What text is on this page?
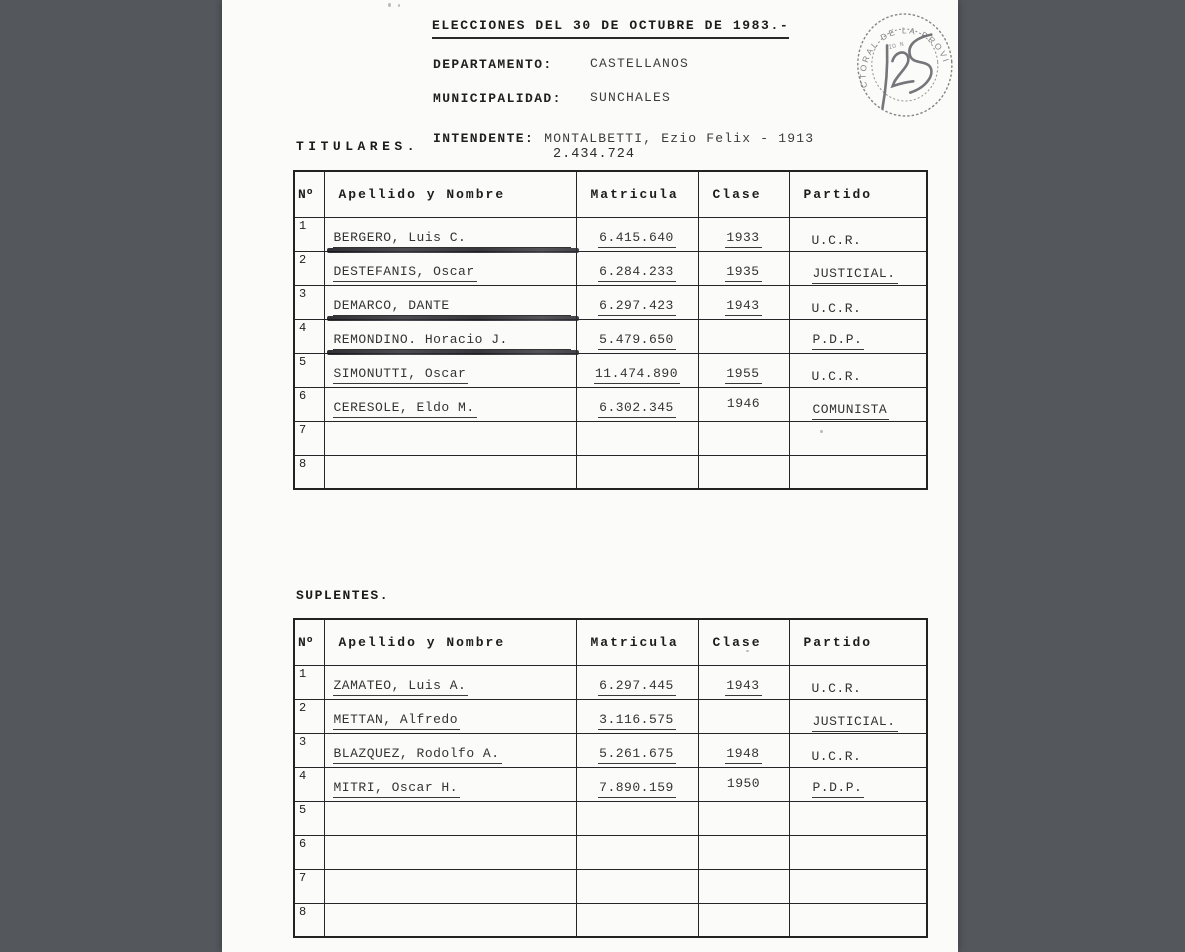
ELECCIONES DEL 30 DE OCTUBRE DE 1983.-
CTORAL DE LA PROVI
IO N
DEPARTAMENTO:	CASTELLANOS
MUNICIPALIDAD: SUNCHALES
INTENDENTE: MONTALBETTI, Ezio Felix - 1913
TITULARES.
2.434.724
Nº	Apellido y Nombre	Matricula	Clase	Partido
1	BERGERO, Luis C.	6.415.640	1933	U.C.R.
2	DESTEFANIS, Oscar	6.284.233	1935	JUSTICIAL.
3	DEMARCO, DANTE	6.297.423	1943	U.C.R.
4	REMONDINO. Horacio J.	5.479.650		P.D.P.
5	SIMONUTTI, Oscar	11.474.890	1955	U.C.R.
6	CERESOLE, Eldo M.	6.302.345	1946	COMUNISTA
7				
8				
SUPLENTES.
Nº	Apellido y Nombre	Matricula	Clase	Partido
1	ZAMATEO, Luis A.	6.297.445	1943	U.C.R.
2	METTAN, Alfredo	3.116.575		JUSTICIAL.
3	BLAZQUEZ, Rodolfo A.	5.261.675	1948	U.C.R.
4	MITRI, Oscar H.	7.890.159	1950	P.D.P.
5				
6				
7				
8				
